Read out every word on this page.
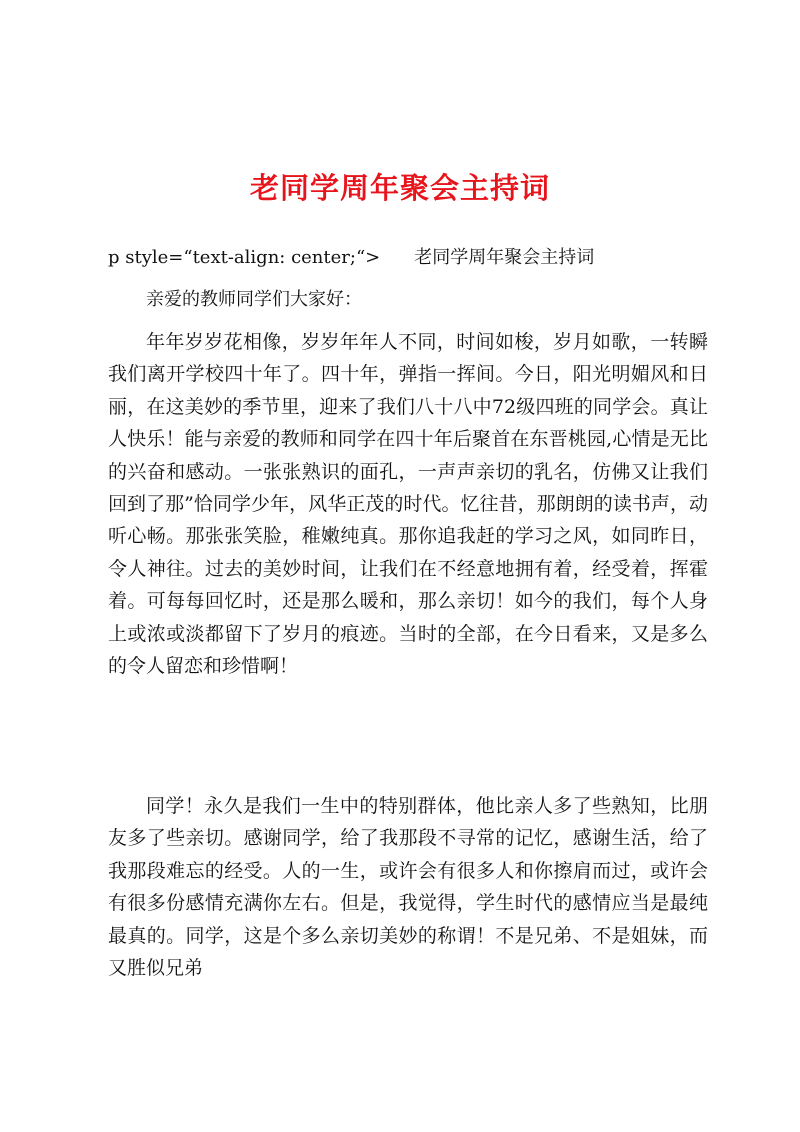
老同学周年聚会主持词

p style=“text-align: center;“> 老同学周年聚会主持词

亲爱的教师同学们大家好：

年年岁岁花相像，岁岁年年人不同，时间如梭，岁月如歌，一转瞬我们离开学校四十年了。四十年，弹指一挥间。今日，阳光明媚风和日丽，在这美妙的季节里，迎来了我们八十八中72级四班的同学会。真让人快乐！能与亲爱的教师和同学在四十年后聚首在东晋桃园,心情是无比的兴奋和感动。一张张熟识的面孔，一声声亲切的乳名，仿佛又让我们回到了那”恰同学少年，风华正茂的时代。忆往昔，那朗朗的读书声，动听心畅。那张张笑脸，稚嫩纯真。那你追我赶的学习之风，如同昨日，令人神往。过去的美妙时间，让我们在不经意地拥有着，经受着，挥霍着。可每每回忆时，还是那么暖和，那么亲切！如今的我们，每个人身上或浓或淡都留下了岁月的痕迹。当时的全部，在今日看来，又是多么的令人留恋和珍惜啊！

同学！永久是我们一生中的特别群体，他比亲人多了些熟知，比朋友多了些亲切。感谢同学，给了我那段不寻常的记忆，感谢生活，给了我那段难忘的经受。人的一生，或许会有很多人和你擦肩而过，或许会有很多份感情充满你左右。但是，我觉得，学生时代的感情应当是最纯最真的。同学，这是个多么亲切美妙的称谓！不是兄弟、不是姐妹，而又胜似兄弟
